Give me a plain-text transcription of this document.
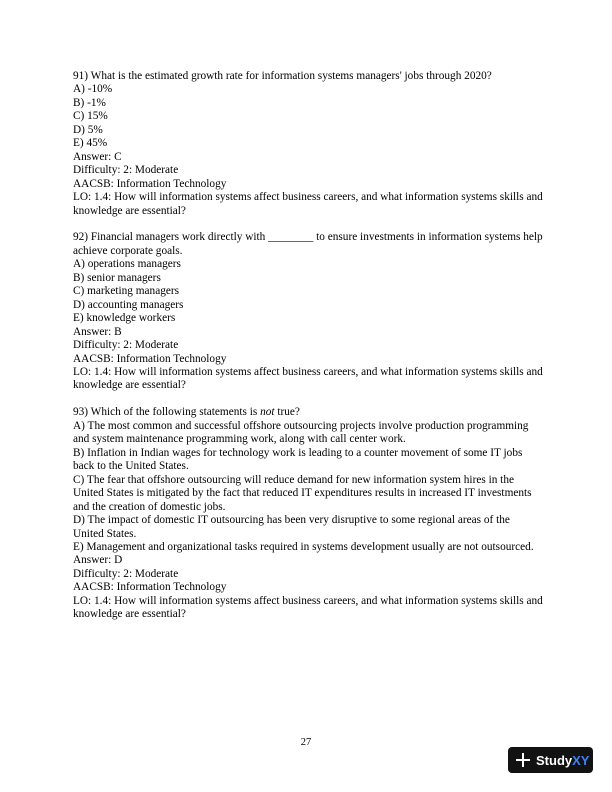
91) What is the estimated growth rate for information systems managers' jobs through 2020?
A) -10%
B) -1%
C) 15%
D) 5%
E) 45%
Answer: C
Difficulty: 2: Moderate
AACSB: Information Technology
LO: 1.4: How will information systems affect business careers, and what information systems skills and knowledge are essential?
92) Financial managers work directly with ________ to ensure investments in information systems help achieve corporate goals.
A) operations managers
B) senior managers
C) marketing managers
D) accounting managers
E) knowledge workers
Answer: B
Difficulty: 2: Moderate
AACSB: Information Technology
LO: 1.4: How will information systems affect business careers, and what information systems skills and knowledge are essential?
93) Which of the following statements is not true?
A) The most common and successful offshore outsourcing projects involve production programming and system maintenance programming work, along with call center work.
B) Inflation in Indian wages for technology work is leading to a counter movement of some IT jobs back to the United States.
C) The fear that offshore outsourcing will reduce demand for new information system hires in the United States is mitigated by the fact that reduced IT expenditures results in increased IT investments and the creation of domestic jobs.
D) The impact of domestic IT outsourcing has been very disruptive to some regional areas of the United States.
E) Management and organizational tasks required in systems development usually are not outsourced.
Answer: D
Difficulty: 2: Moderate
AACSB: Information Technology
LO: 1.4: How will information systems affect business careers, and what information systems skills and knowledge are essential?
27
StudyXY
